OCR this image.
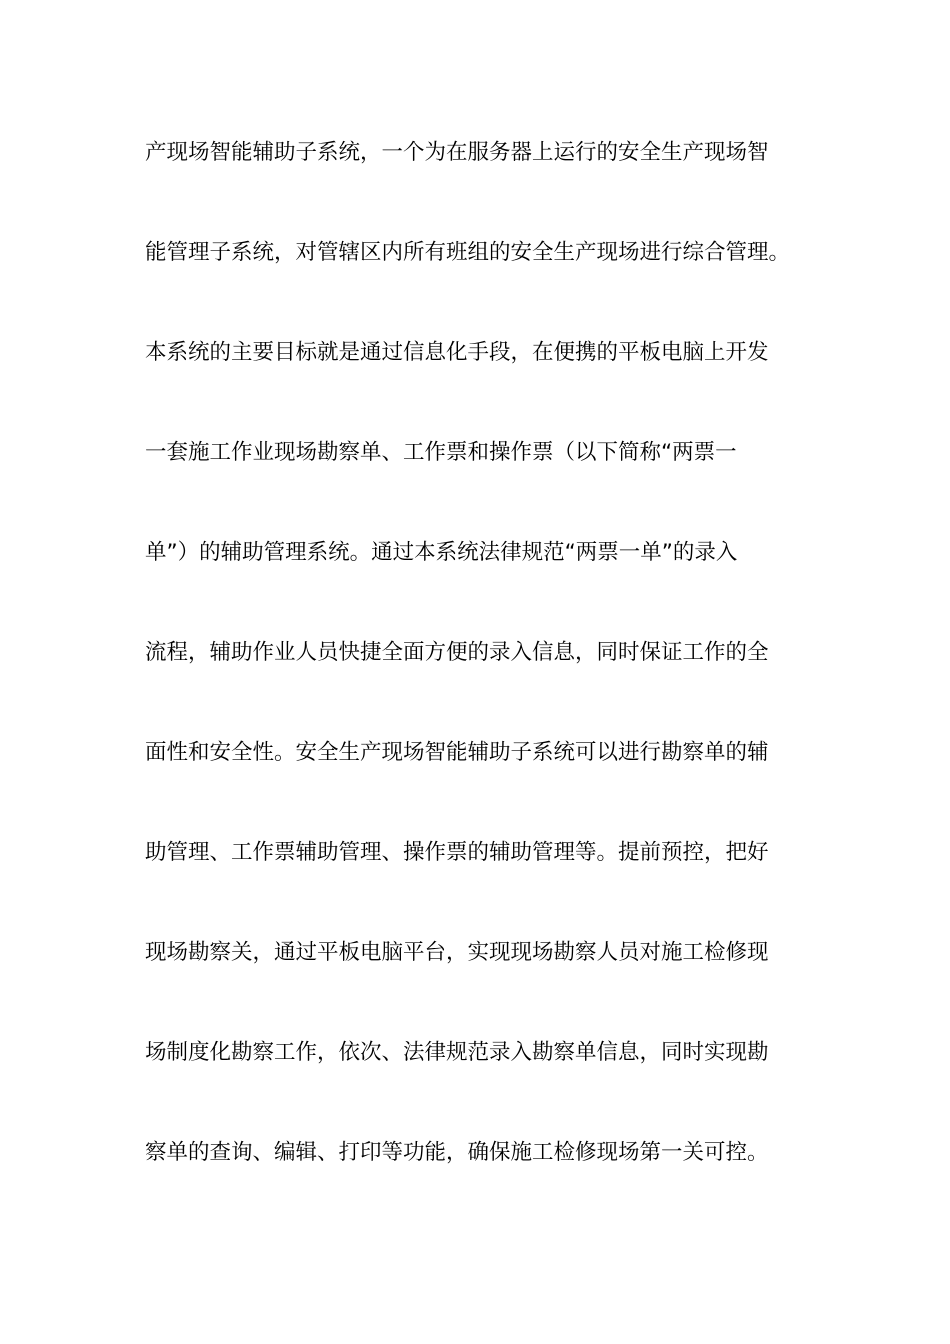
产现场智能辅助子系统，一个为在服务器上运行的安全生产现场智
能管理子系统，对管辖区内所有班组的安全生产现场进行综合管理。
本系统的主要目标就是通过信息化手段，在便携的平板电脑上开发
一套施工作业现场勘察单、工作票和操作票（以下简称“两票一
单”）的辅助管理系统。通过本系统法律规范“两票一单”的录入
流程，辅助作业人员快捷全面方便的录入信息，同时保证工作的全
面性和安全性。安全生产现场智能辅助子系统可以进行勘察单的辅
助管理、工作票辅助管理、操作票的辅助管理等。提前预控，把好
现场勘察关，通过平板电脑平台，实现现场勘察人员对施工检修现
场制度化勘察工作，依次、法律规范录入勘察单信息，同时实现勘
察单的查询、编辑、打印等功能，确保施工检修现场第一关可控。
